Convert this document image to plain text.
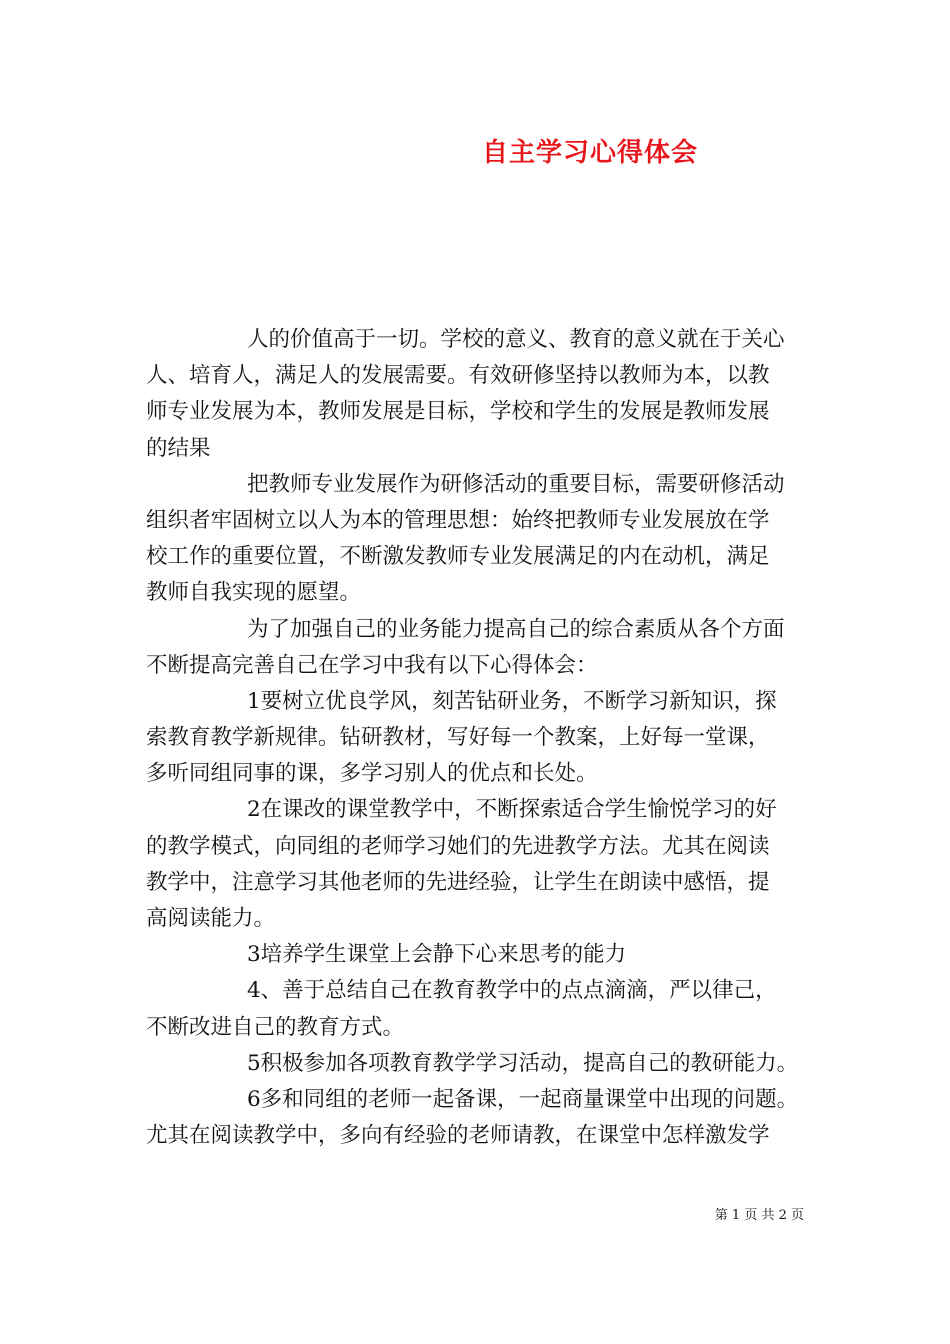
自主学习心得体会
人的价值高于一切。学校的意义、教育的意义就在于关心
人、培育人，满足人的发展需要。有效研修坚持以教师为本，以教
师专业发展为本，教师发展是目标，学校和学生的发展是教师发展
的结果
把教师专业发展作为研修活动的重要目标，需要研修活动
组织者牢固树立以人为本的管理思想：始终把教师专业发展放在学
校工作的重要位置，不断激发教师专业发展满足的内在动机，满足
教师自我实现的愿望。
为了加强自己的业务能力提高自己的综合素质从各个方面
不断提高完善自己在学习中我有以下心得体会：
1要树立优良学风，刻苦钻研业务，不断学习新知识，探
索教育教学新规律。钻研教材，写好每一个教案，上好每一堂课，
多听同组同事的课，多学习别人的优点和长处。
2在课改的课堂教学中，不断探索适合学生愉悦学习的好
的教学模式，向同组的老师学习她们的先进教学方法。尤其在阅读
教学中，注意学习其他老师的先进经验，让学生在朗读中感悟，提
高阅读能力。
3培养学生课堂上会静下心来思考的能力
4、善于总结自己在教育教学中的点点滴滴，严以律己，
不断改进自己的教育方式。
5积极参加各项教育教学学习活动，提高自己的教研能力。
6多和同组的老师一起备课，一起商量课堂中出现的问题。
尤其在阅读教学中，多向有经验的老师请教，在课堂中怎样激发学
第 1 页 共 2 页
